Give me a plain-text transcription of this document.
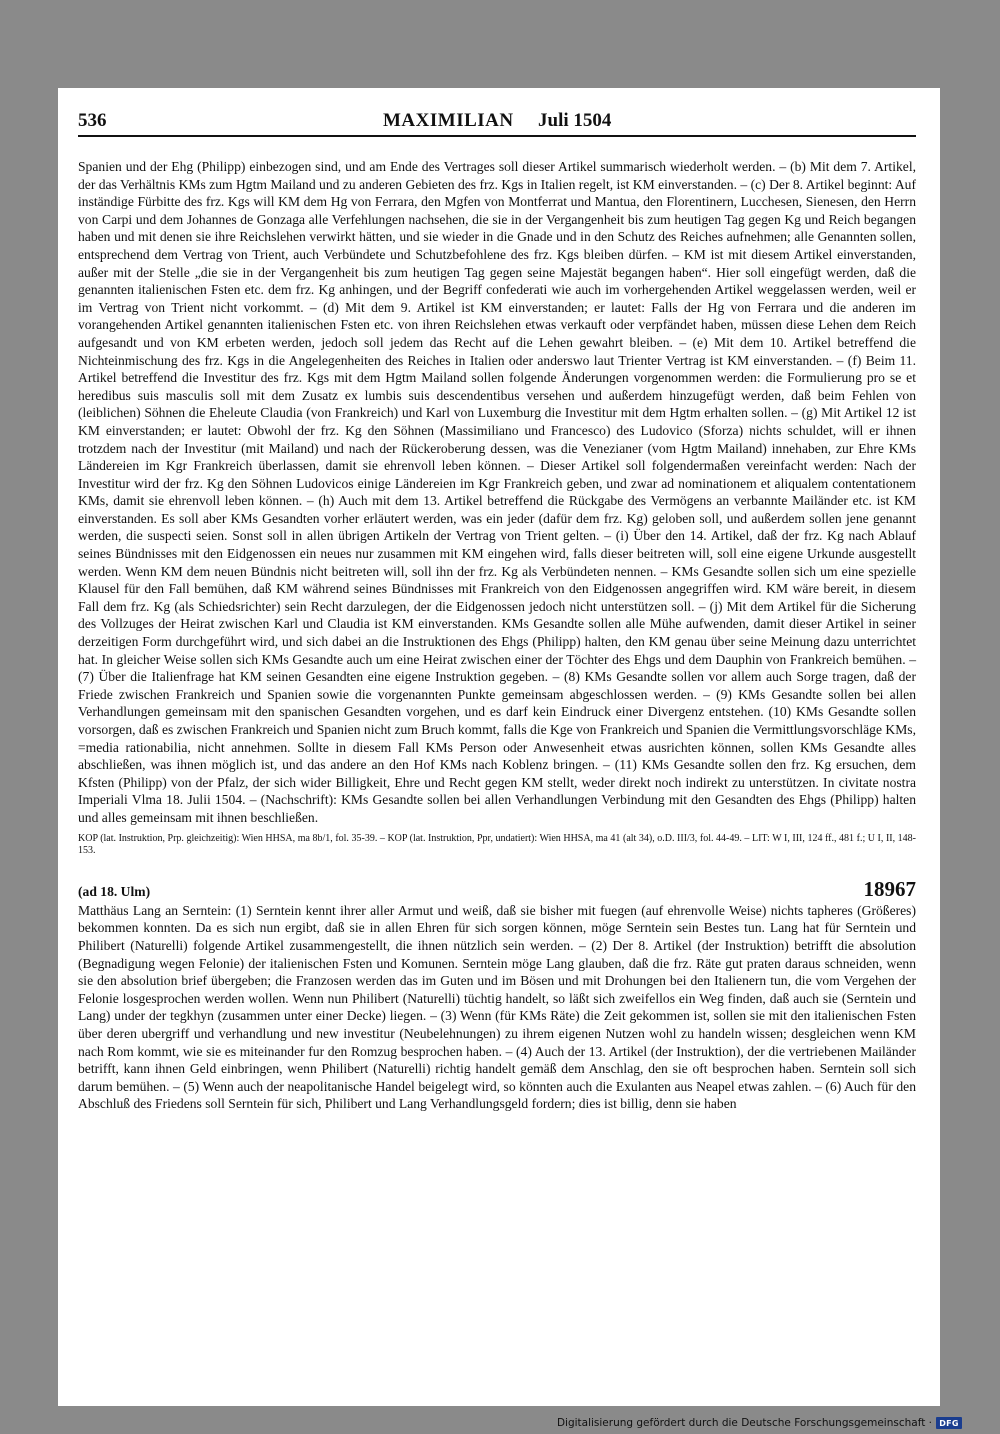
536	MAXIMILIAN Juli 1504

Spanien und der Ehg (Philipp) einbezogen sind, und am Ende des Vertrages soll dieser Artikel summarisch wiederholt werden. – (b) Mit dem 7. Artikel, der das Verhältnis KMs zum Hgtm Mailand und zu anderen Gebieten des frz. Kgs in Italien regelt, ist KM einverstanden. – (c) Der 8. Artikel beginnt: Auf inständige Fürbitte des frz. Kgs will KM dem Hg von Ferrara, den Mgfen von Montferrat und Mantua, den Florentinern, Lucchesen, Sienesen, den Herrn von Carpi und dem Johannes de Gonzaga alle Verfehlungen nachsehen, die sie in der Vergangenheit bis zum heutigen Tag gegen Kg und Reich begangen haben und mit denen sie ihre Reichslehen verwirkt hätten, und sie wieder in die Gnade und in den Schutz des Reiches aufnehmen; alle Genannten sollen, entsprechend dem Vertrag von Trient, auch Verbündete und Schutzbefohlene des frz. Kgs bleiben dürfen. – KM ist mit diesem Artikel einverstanden, außer mit der Stelle „die sie in der Vergangenheit bis zum heutigen Tag gegen seine Majestät begangen haben“. Hier soll eingefügt werden, daß die genannten italienischen Fsten etc. dem frz. Kg anhingen, und der Begriff confederati wie auch im vorhergehenden Artikel weggelassen werden, weil er im Vertrag von Trient nicht vorkommt. – (d) Mit dem 9. Artikel ist KM einverstanden; er lautet: Falls der Hg von Ferrara und die anderen im vorangehenden Artikel genannten italienischen Fsten etc. von ihren Reichslehen etwas verkauft oder verpfändet haben, müssen diese Lehen dem Reich aufgesandt und von KM erbeten werden, jedoch soll jedem das Recht auf die Lehen gewahrt bleiben. – (e) Mit dem 10. Artikel betreffend die Nichteinmischung des frz. Kgs in die Angelegenheiten des Reiches in Italien oder anderswo laut Trienter Vertrag ist KM einverstanden. – (f) Beim 11. Artikel betreffend die Investitur des frz. Kgs mit dem Hgtm Mailand sollen folgende Änderungen vorgenommen werden: die Formulierung pro se et heredibus suis masculis soll mit dem Zusatz ex lumbis suis descendentibus versehen und außerdem hinzugefügt werden, daß beim Fehlen von (leiblichen) Söhnen die Eheleute Claudia (von Frankreich) und Karl von Luxemburg die Investitur mit dem Hgtm erhalten sollen. – (g) Mit Artikel 12 ist KM einverstanden; er lautet: Obwohl der frz. Kg den Söhnen (Massimiliano und Francesco) des Ludovico (Sforza) nichts schuldet, will er ihnen trotzdem nach der Investitur (mit Mailand) und nach der Rückeroberung dessen, was die Venezianer (vom Hgtm Mailand) innehaben, zur Ehre KMs Ländereien im Kgr Frankreich überlassen, damit sie ehrenvoll leben können. – Dieser Artikel soll folgendermaßen vereinfacht werden: Nach der Investitur wird der frz. Kg den Söhnen Ludovicos einige Ländereien im Kgr Frankreich geben, und zwar ad nominationem et aliqualem contentationem KMs, damit sie ehrenvoll leben können. – (h) Auch mit dem 13. Artikel betreffend die Rückgabe des Vermögens an verbannte Mailänder etc. ist KM einverstanden. Es soll aber KMs Gesandten vorher erläutert werden, was ein jeder (dafür dem frz. Kg) geloben soll, und außerdem sollen jene genannt werden, die suspecti seien. Sonst soll in allen übrigen Artikeln der Vertrag von Trient gelten. – (i) Über den 14. Artikel, daß der frz. Kg nach Ablauf seines Bündnisses mit den Eidgenossen ein neues nur zusammen mit KM eingehen wird, falls dieser beitreten will, soll eine eigene Urkunde ausgestellt werden. Wenn KM dem neuen Bündnis nicht beitreten will, soll ihn der frz. Kg als Verbündeten nennen. – KMs Gesandte sollen sich um eine spezielle Klausel für den Fall bemühen, daß KM während seines Bündnisses mit Frankreich von den Eidgenossen angegriffen wird. KM wäre bereit, in diesem Fall dem frz. Kg (als Schiedsrichter) sein Recht darzulegen, der die Eidgenossen jedoch nicht unterstützen soll. – (j) Mit dem Artikel für die Sicherung des Vollzuges der Heirat zwischen Karl und Claudia ist KM einverstanden. KMs Gesandte sollen alle Mühe aufwenden, damit dieser Artikel in seiner derzeitigen Form durchgeführt wird, und sich dabei an die Instruktionen des Ehgs (Philipp) halten, den KM genau über seine Meinung dazu unterrichtet hat. In gleicher Weise sollen sich KMs Gesandte auch um eine Heirat zwischen einer der Töchter des Ehgs und dem Dauphin von Frankreich bemühen. – (7) Über die Italienfrage hat KM seinen Gesandten eine eigene Instruktion gegeben. – (8) KMs Gesandte sollen vor allem auch Sorge tragen, daß der Friede zwischen Frankreich und Spanien sowie die vorgenannten Punkte gemeinsam abgeschlossen werden. – (9) KMs Gesandte sollen bei allen Verhandlungen gemeinsam mit den spanischen Gesandten vorgehen, und es darf kein Eindruck einer Divergenz entstehen. (10) KMs Gesandte sollen vorsorgen, daß es zwischen Frankreich und Spanien nicht zum Bruch kommt, falls die Kge von Frankreich und Spanien die Vermittlungsvorschläge KMs, =media rationabilia, nicht annehmen. Sollte in diesem Fall KMs Person oder Anwesenheit etwas ausrichten können, sollen KMs Gesandte alles abschließen, was ihnen möglich ist, und das andere an den Hof KMs nach Koblenz bringen. – (11) KMs Gesandte sollen den frz. Kg ersuchen, dem Kfsten (Philipp) von der Pfalz, der sich wider Billigkeit, Ehre und Recht gegen KM stellt, weder direkt noch indirekt zu unterstützen. In civitate nostra Imperiali Vlma 18. Julii 1504. – (Nachschrift): KMs Gesandte sollen bei allen Verhandlungen Verbindung mit den Gesandten des Ehgs (Philipp) halten und alles gemeinsam mit ihnen beschließen.

KOP (lat. Instruktion, Prp. gleichzeitig): Wien HHSA, ma 8b/1, fol. 35-39. – KOP (lat. Instruktion, Ppr, undatiert): Wien HHSA, ma 41 (alt 34), o.D. III/3, fol. 44-49. – LIT: W I, III, 124 ff., 481 f.; U I, II, 148-153.

(ad 18. Ulm)	18967

Matthäus Lang an Serntein: (1) Serntein kennt ihrer aller Armut und weiß, daß sie bisher mit fuegen (auf ehrenvolle Weise) nichts tapheres (Größeres) bekommen konnten. Da es sich nun ergibt, daß sie in allen Ehren für sich sorgen können, möge Serntein sein Bestes tun. Lang hat für Serntein und Philibert (Naturelli) folgende Artikel zusammengestellt, die ihnen nützlich sein werden. – (2) Der 8. Artikel (der Instruktion) betrifft die absolution (Begnadigung wegen Felonie) der italienischen Fsten und Komunen. Serntein möge Lang glauben, daß die frz. Räte gut praten daraus schneiden, wenn sie den absolution brief übergeben; die Franzosen werden das im Guten und im Bösen und mit Drohungen bei den Italienern tun, die vom Vergehen der Felonie losgesprochen werden wollen. Wenn nun Philibert (Naturelli) tüchtig handelt, so läßt sich zweifellos ein Weg finden, daß auch sie (Serntein und Lang) under der tegkhyn (zusammen unter einer Decke) liegen. – (3) Wenn (für KMs Räte) die Zeit gekommen ist, sollen sie mit den italienischen Fsten über deren ubergriff und verhandlung und new investitur (Neubelehnungen) zu ihrem eigenen Nutzen wohl zu handeln wissen; desgleichen wenn KM nach Rom kommt, wie sie es miteinander fur den Romzug besprochen haben. – (4) Auch der 13. Artikel (der Instruktion), der die vertriebenen Mailänder betrifft, kann ihnen Geld einbringen, wenn Philibert (Naturelli) richtig handelt gemäß dem Anschlag, den sie oft besprochen haben. Serntein soll sich darum bemühen. – (5) Wenn auch der neapolitanische Handel beigelegt wird, so könnten auch die Exulanten aus Neapel etwas zahlen. – (6) Auch für den Abschluß des Friedens soll Serntein für sich, Philibert und Lang Verhandlungsgeld fordern; dies ist billig, denn sie haben

Digitalisierung gefördert durch die Deutsche Forschungsgemeinschaft · DFG
